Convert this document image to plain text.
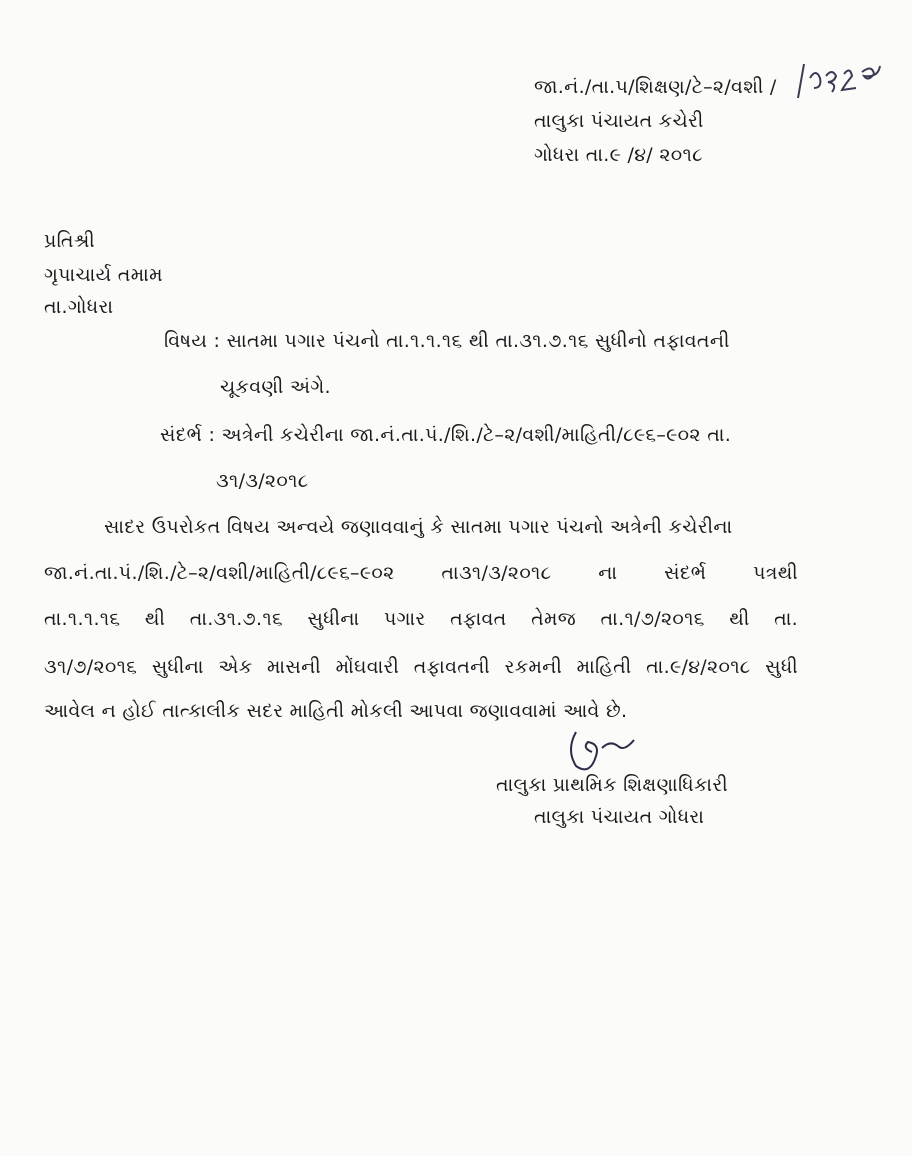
જા.નં./તા.પ/શિક્ષણ/ટે–૨/વશી /
તાલુકા પંચાયત કચેરી
ગોધરા તા.૯ /૪/ ૨૦૧૮
પ્રતિશ્રી
ગૃપાચાર્ય તમામ
તા.ગોધરા
વિષય : સાતમા પગાર પંચનો તા.૧.૧.૧૬ થી તા.૩૧.૭.૧૬ સુધીનો તફાવતની
ચૂકવણી અંગે.
સંદર્ભ : અત્રેની કચેરીના જા.નં.તા.પં./શિ./ટે–૨/વશી/માહિતી/૮૯૬–૯૦૨ તા.
૩૧/૩/૨૦૧૮
સાદર ઉપરોકત વિષય અન્વયે જણાવવાનું કે સાતમા પગાર પંચનો અત્રેની કચેરીના
જા.નં.તા.પં./શિ./ટે–૨/વશી/માહિતી/૮૯૬–૯૦૨ તા૩૧/૩/૨૦૧૮ ના સંદર્ભ પત્રથી
તા.૧.૧.૧૬ થી તા.૩૧.૭.૧૬ સુધીના પગાર તફાવત તેમજ તા.૧/૭/૨૦૧૬ થી તા.
૩૧/૭/૨૦૧૬ સુધીના એક માસની મોંઘવારી તફાવતની રકમની માહિતી તા.૯/૪/૨૦૧૮ સુધી
આવેલ ન હોઈ તાત્કાલીક સદર માહિતી મોકલી આપવા જણાવવામાં આવે છે.
તાલુકા પ્રાથમિક શિક્ષણાધિકારી
તાલુકા પંચાયત ગોધરા
